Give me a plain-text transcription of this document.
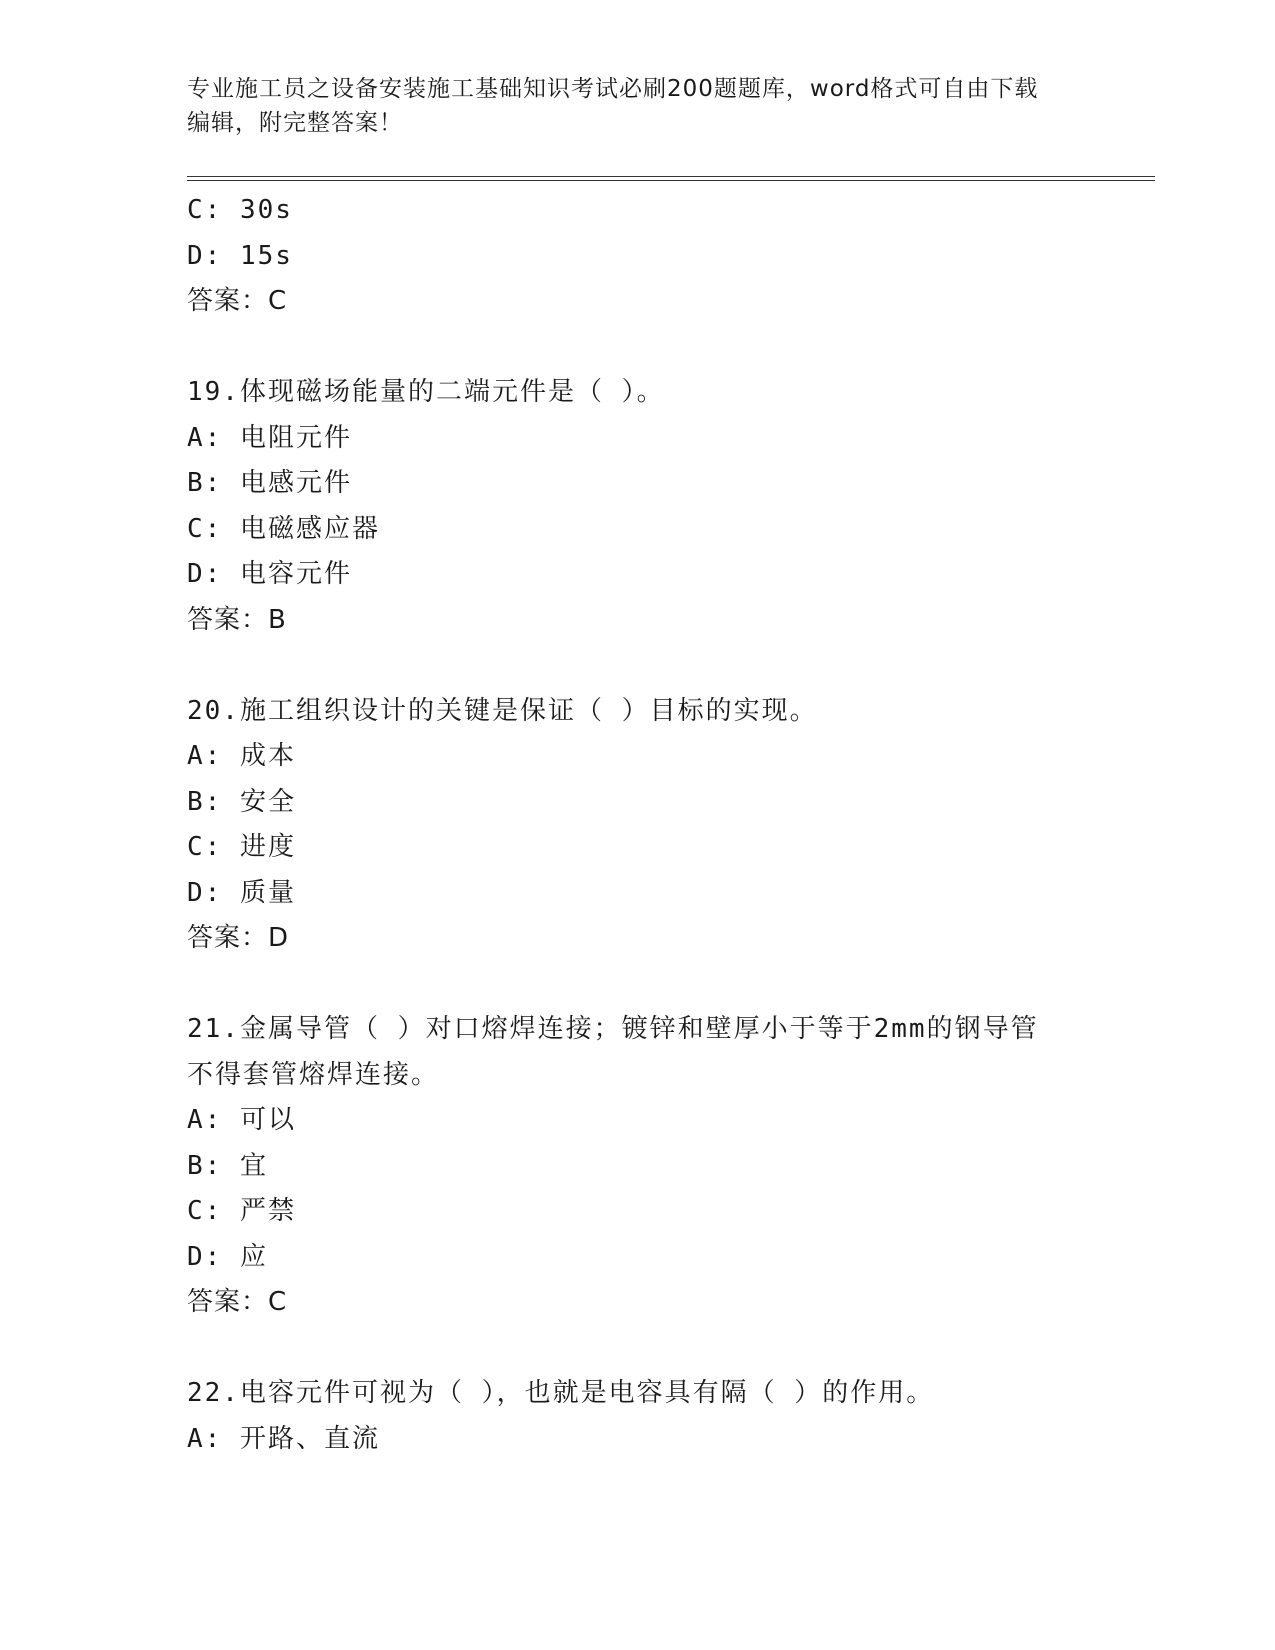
专业施工员之设备安装施工基础知识考试必刷200题题库，word格式可自由下载
编辑，附完整答案！
C: 30s
D: 15s
答案：C
19.体现磁场能量的二端元件是（ ）。
A: 电阻元件
B: 电感元件
C: 电磁感应器
D: 电容元件
答案：B
20.施工组织设计的关键是保证（ ）目标的实现。
A: 成本
B: 安全
C: 进度
D: 质量
答案：D
21.金属导管（ ）对口熔焊连接；镀锌和壁厚小于等于2mm的钢导管
不得套管熔焊连接。
A: 可以
B: 宜
C: 严禁
D: 应
答案：C
22.电容元件可视为（ ），也就是电容具有隔（ ）的作用。
A: 开路、直流
